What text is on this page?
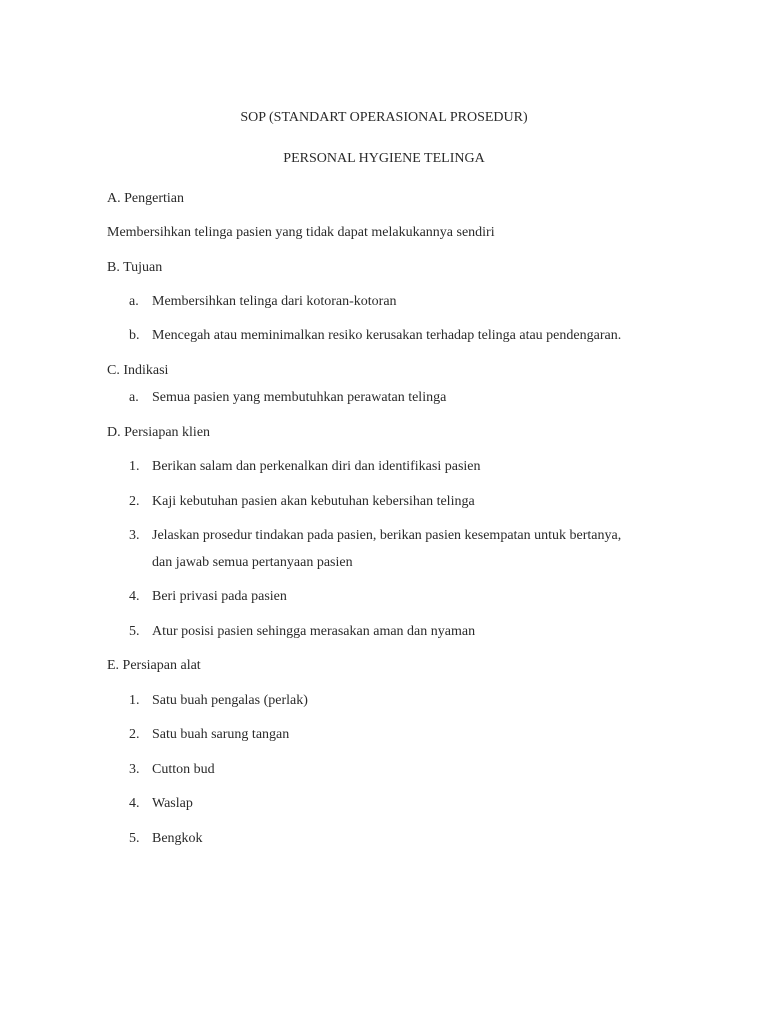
SOP (STANDART OPERASIONAL PROSEDUR)
PERSONAL HYGIENE TELINGA
A. Pengertian
Membersihkan telinga pasien yang tidak dapat melakukannya sendiri
B. Tujuan
a. Membersihkan telinga dari kotoran-kotoran
b. Mencegah atau meminimalkan resiko kerusakan terhadap telinga atau pendengaran.
C. Indikasi
a. Semua pasien yang membutuhkan perawatan telinga
D. Persiapan klien
1. Berikan salam dan perkenalkan diri dan identifikasi pasien
2. Kaji kebutuhan pasien akan kebutuhan kebersihan telinga
3. Jelaskan prosedur tindakan pada pasien, berikan pasien kesempatan untuk bertanya,
dan jawab semua pertanyaan pasien
4. Beri privasi pada pasien
5. Atur posisi pasien sehingga merasakan aman dan nyaman
E. Persiapan alat
1. Satu buah pengalas (perlak)
2. Satu buah sarung tangan
3. Cutton bud
4. Waslap
5. Bengkok
